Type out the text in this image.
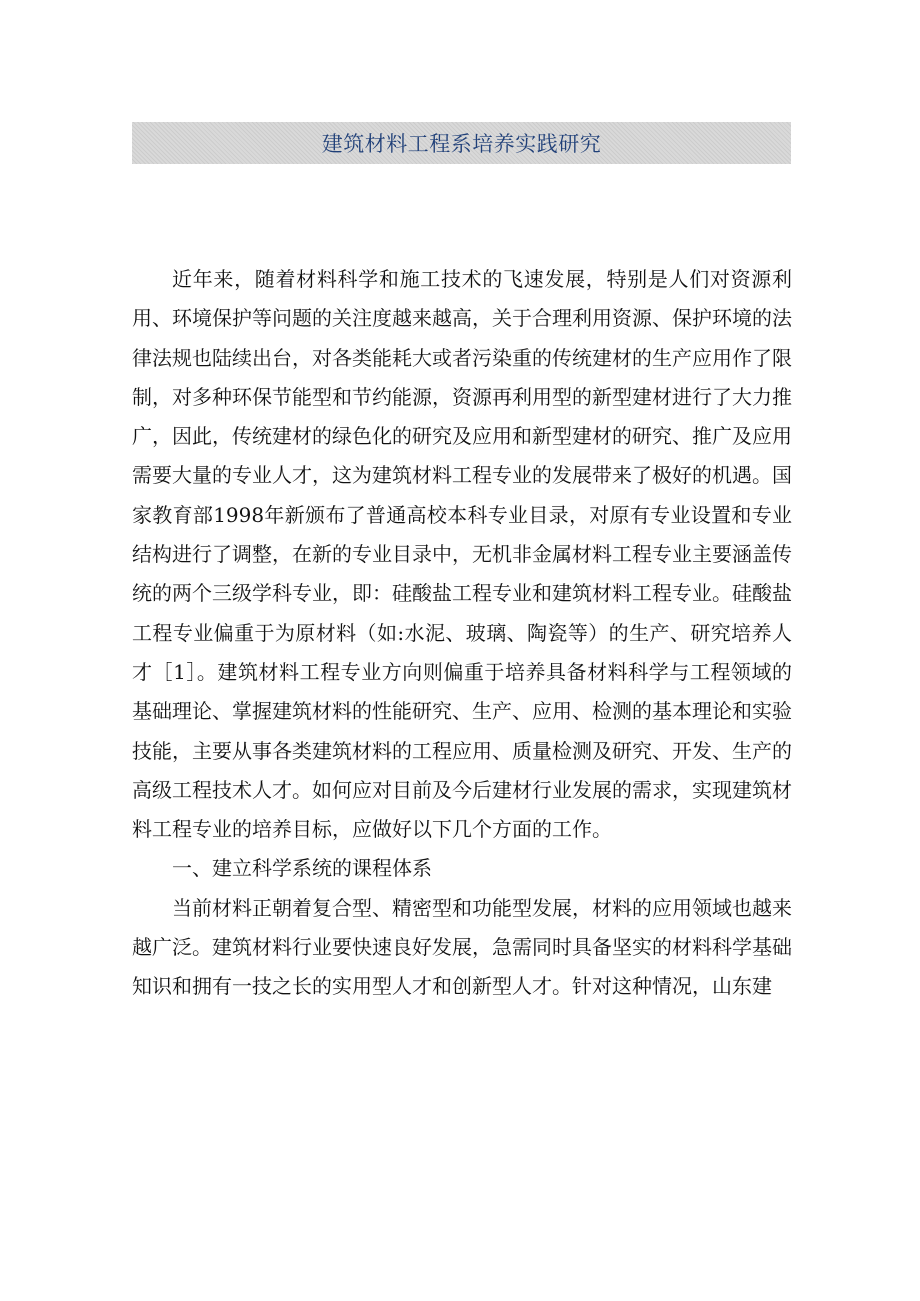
建筑材料工程系培养实践研究

近年来，随着材料科学和施工技术的飞速发展，特别是人们对资源利用、环境保护等问题的关注度越来越高，关于合理利用资源、保护环境的法律法规也陆续出台，对各类能耗大或者污染重的传统建材的生产应用作了限制，对多种环保节能型和节约能源，资源再利用型的新型建材进行了大力推广，因此，传统建材的绿色化的研究及应用和新型建材的研究、推广及应用需要大量的专业人才，这为建筑材料工程专业的发展带来了极好的机遇。国家教育部1998年新颁布了普通高校本科专业目录，对原有专业设置和专业结构进行了调整，在新的专业目录中，无机非金属材料工程专业主要涵盖传统的两个三级学科专业，即：硅酸盐工程专业和建筑材料工程专业。硅酸盐工程专业偏重于为原材料（如:水泥、玻璃、陶瓷等）的生产、研究培养人才［1］。建筑材料工程专业方向则偏重于培养具备材料科学与工程领域的基础理论、掌握建筑材料的性能研究、生产、应用、检测的基本理论和实验技能，主要从事各类建筑材料的工程应用、质量检测及研究、开发、生产的高级工程技术人才。如何应对目前及今后建材行业发展的需求，实现建筑材料工程专业的培养目标，应做好以下几个方面的工作。

一、建立科学系统的课程体系

当前材料正朝着复合型、精密型和功能型发展，材料的应用领域也越来越广泛。建筑材料行业要快速良好发展，急需同时具备坚实的材料科学基础知识和拥有一技之长的实用型人才和创新型人才。针对这种情况，山东建
